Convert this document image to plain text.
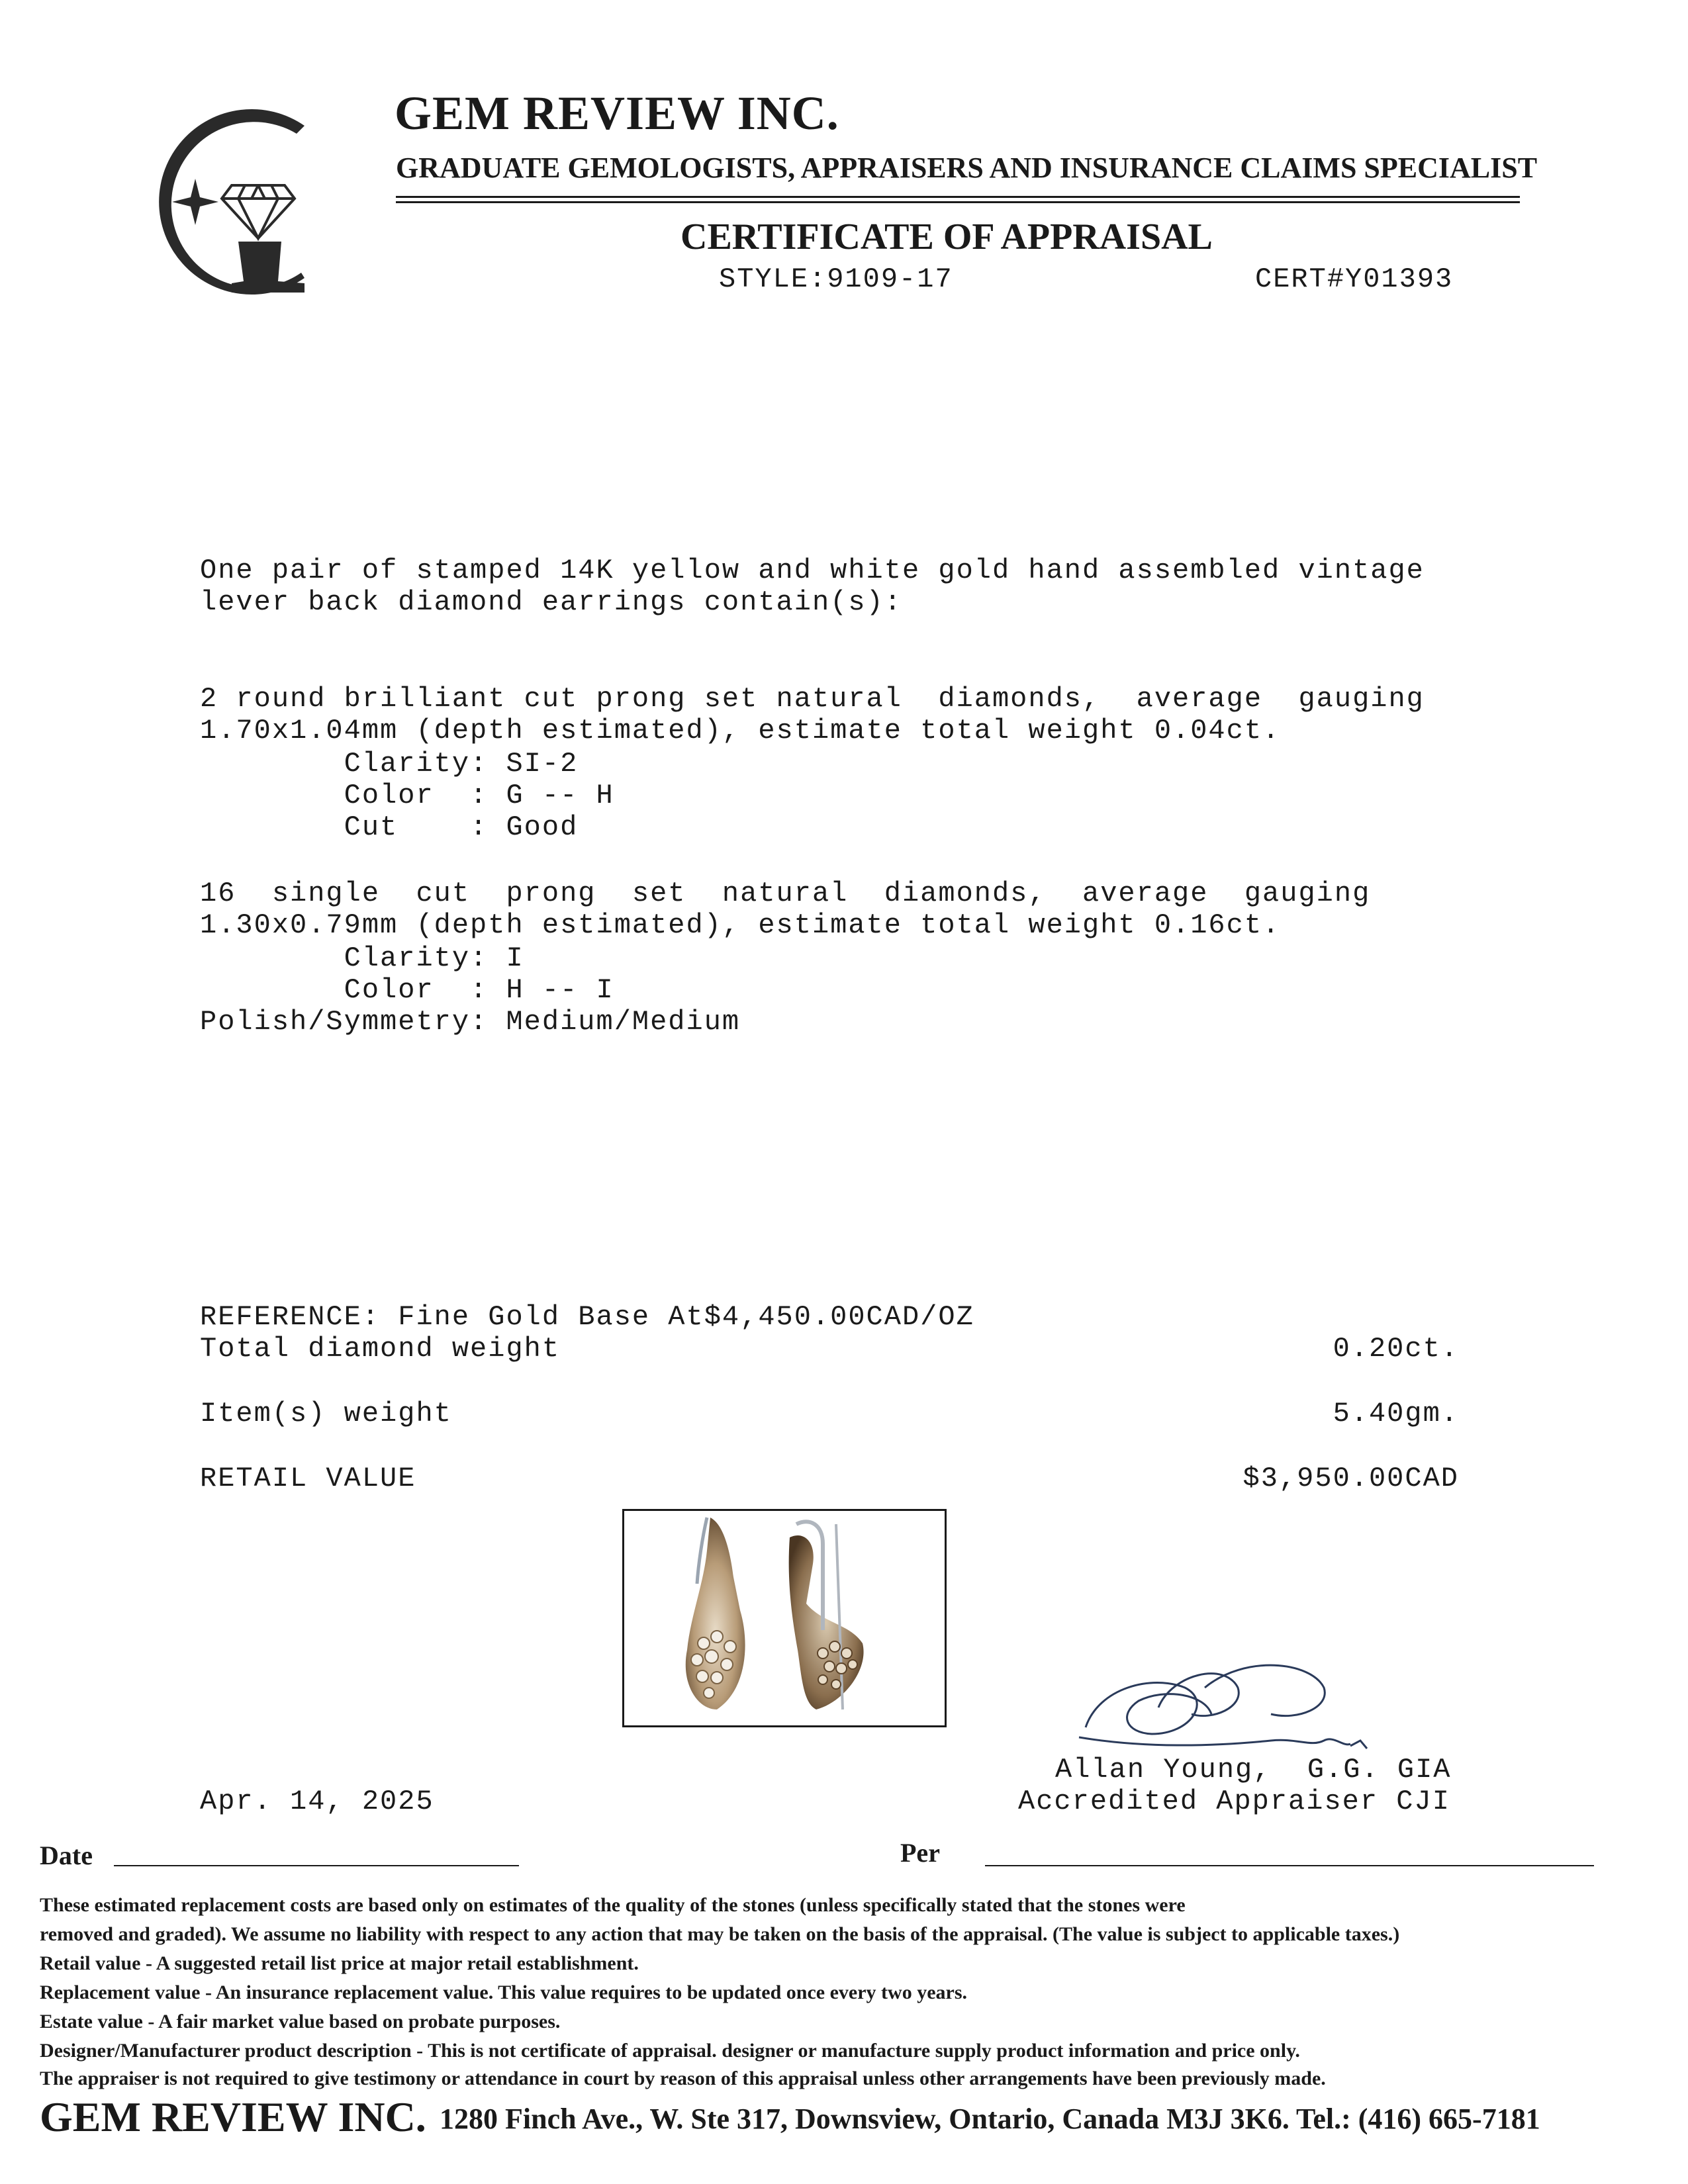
GEM REVIEW INC.
GRADUATE GEMOLOGISTS, APPRAISERS AND INSURANCE CLAIMS SPECIALIST
CERTIFICATE OF APPRAISAL
STYLE:9109-17	CERT#Y01393
One pair of stamped 14K yellow and white gold hand assembled vintage
lever back diamond earrings contain(s):
2 round brilliant cut prong set natural  diamonds,  average  gauging
1.70x1.04mm (depth estimated), estimate total weight 0.04ct.
Clarity: SI-2
Color  : G -- H
Cut    : Good
16  single  cut  prong  set  natural  diamonds,  average  gauging
1.30x0.79mm (depth estimated), estimate total weight 0.16ct.
Clarity: I
Color  : H -- I
Polish/Symmetry: Medium/Medium
REFERENCE: Fine Gold Base At$4,450.00CAD/OZ
Total diamond weight	0.20ct.
Item(s) weight	5.40gm.
RETAIL VALUE	$3,950.00CAD
Allan Young,  G.G. GIA
Accredited Appraiser CJI
Apr. 14, 2025
Date	Per
These estimated replacement costs are based only on estimates of the quality of the stones (unless specifically stated that the stones were
removed and graded). We assume no liability with respect to any action that may be taken on the basis of the appraisal. (The value is subject to applicable taxes.)
Retail value - A suggested retail list price at major retail establishment.
Replacement value - An insurance replacement value. This value requires to be updated once every two years.
Estate value - A fair market value based on probate purposes.
Designer/Manufacturer product description - This is not certificate of appraisal. designer or manufacture supply product information and price only.
The appraiser is not required to give testimony or attendance in court by reason of this appraisal unless other arrangements have been previously made.
GEM REVIEW INC. 1280 Finch Ave., W. Ste 317, Downsview, Ontario, Canada M3J 3K6. Tel.: (416) 665-7181
